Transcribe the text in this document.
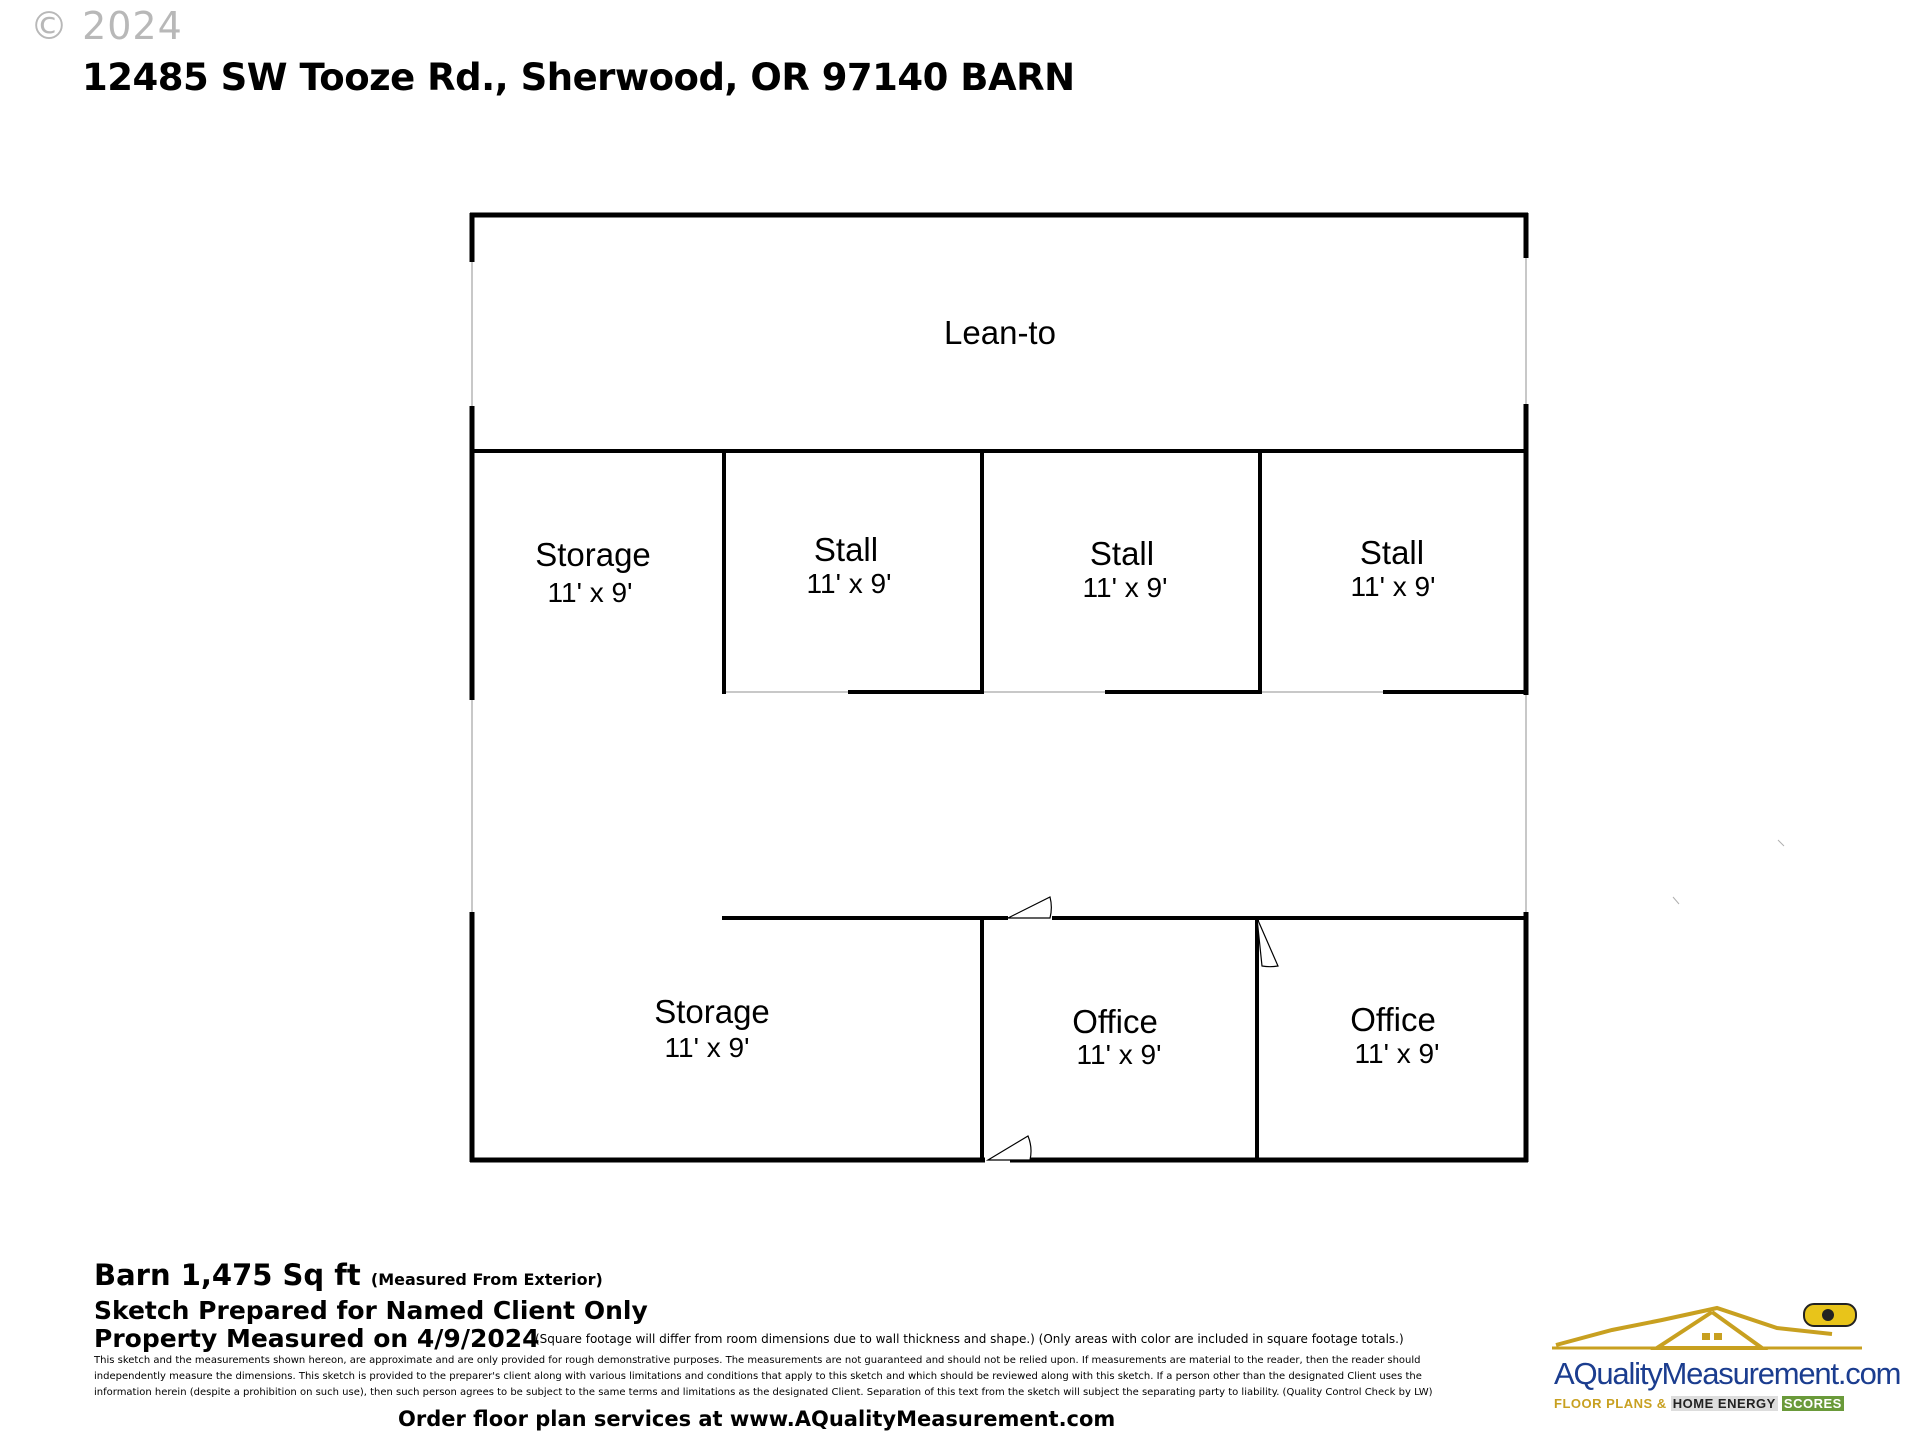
© 2024
12485 SW Tooze Rd., Sherwood, OR 97140 BARN
Lean-to
Storage
11' x 9'
Stall
11' x 9'
Stall
11' x 9'
Stall
11' x 9'
Storage
11' x 9'
Office
11' x 9'
Office
11' x 9'
Barn 1,475 Sq ft (Measured From Exterior)
Sketch Prepared for Named Client Only
Property Measured on 4/9/2024
(Square footage will differ from room dimensions due to wall thickness and shape.) (Only areas with color are included in square footage totals.)
This sketch and the measurements shown hereon, are approximate and are only provided for rough demonstrative purposes. The measurements are not guaranteed and should not be relied upon. If measurements are material to the reader, then the reader should independently measure the dimensions. This sketch is provided to the preparer's client along with various limitations and conditions that apply to this sketch and which should be reviewed along with this sketch. If a person other than the designated Client uses the information herein (despite a prohibition on such use), then such person agrees to be subject to the same terms and limitations as the designated Client. Separation of this text from the sketch will subject the separating party to liability. (Quality Control Check by LW)
Order floor plan services at www.AQualityMeasurement.com
AQualityMeasurement.com
FLOOR PLANS & HOME ENERGY SCORES
